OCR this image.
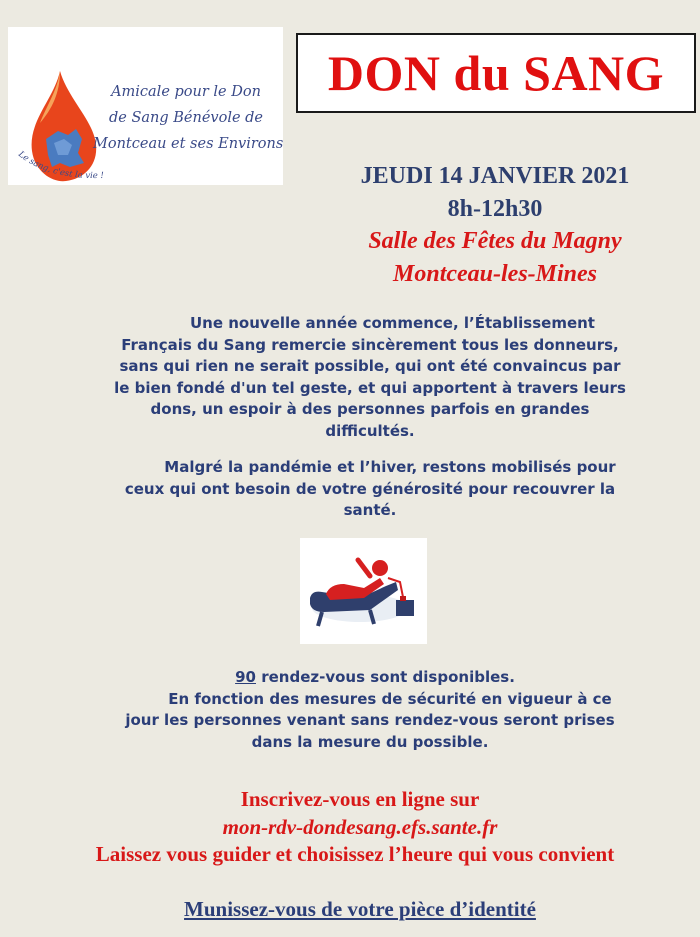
Amicale pour le Don
de Sang Bénévole de
Montceau et ses Environs
Le sang, c'est la vie !
DON du SANG
JEUDI 14 JANVIER 2021
8h-12h30
Salle des Fêtes du Magny
Montceau-les-Mines
Une nouvelle année commence, l’Établissement
Français du Sang remercie sincèrement tous les donneurs,
sans qui rien ne serait possible, qui ont été convaincus par
le bien fondé d'un tel geste, et qui apportent à travers leurs
dons, un espoir à des personnes parfois en grandes
difficultés.
Malgré la pandémie et l’hiver, restons mobilisés pour
ceux qui ont besoin de votre générosité pour recouvrer la
santé.
90 rendez-vous sont disponibles.
En fonction des mesures de sécurité en vigueur à ce
jour les personnes venant sans rendez-vous seront prises
dans la mesure du possible.
Inscrivez-vous en ligne sur
mon-rdv-dondesang.efs.sante.fr
Laissez vous guider et choisissez l’heure qui vous convient
Munissez-vous de votre pièce d’identité
